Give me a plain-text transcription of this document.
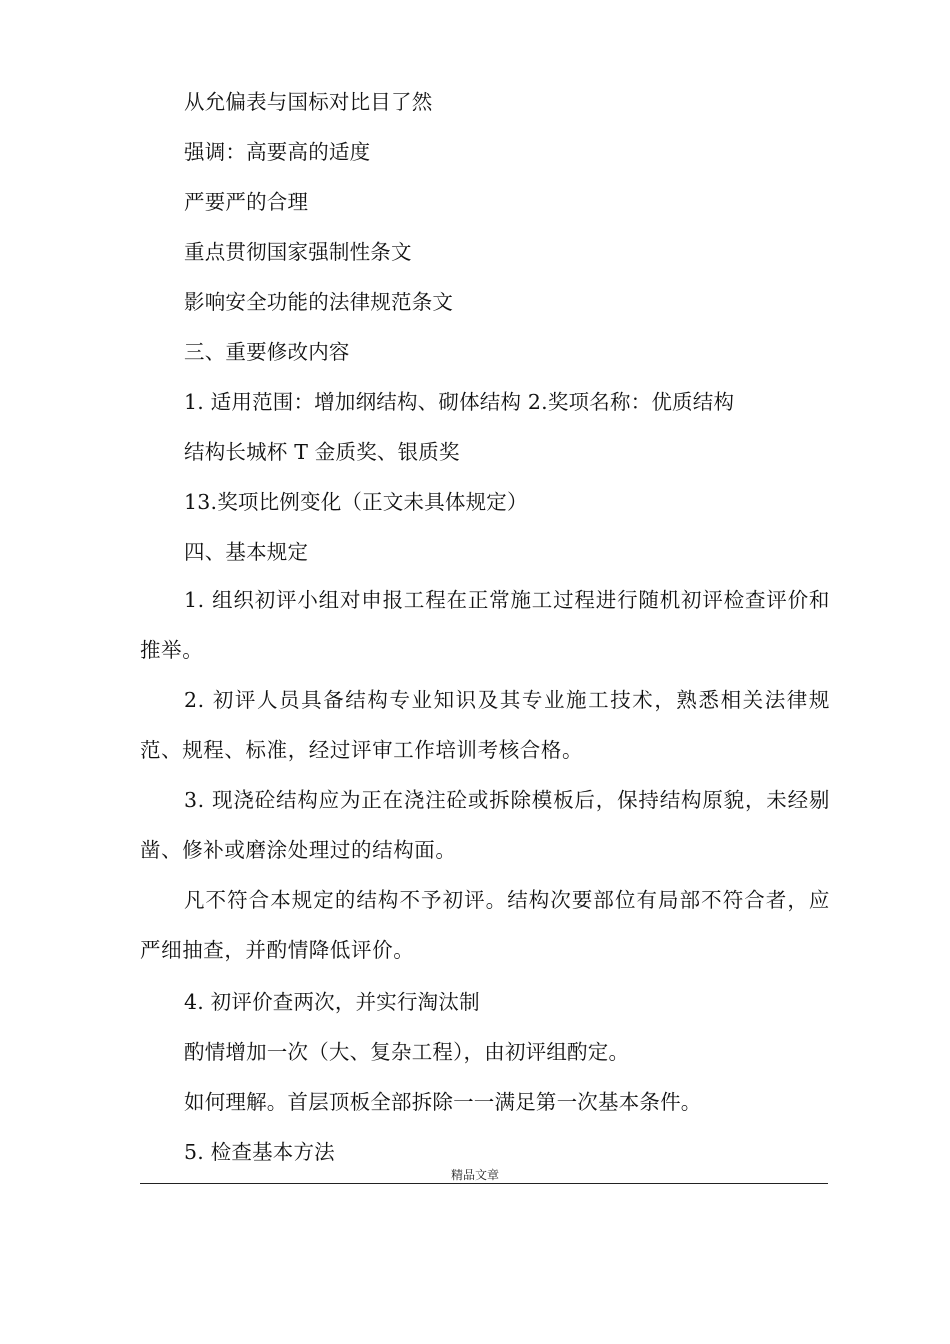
从允偏表与国标对比目了然
强调：高要高的适度
严要严的合理
重点贯彻国家强制性条文
影响安全功能的法律规范条文
三、重要修改内容
1. 适用范围：增加纲结构、砌体结构 2.奖项名称：优质结构
结构长城杯 T 金质奖、银质奖
13.奖项比例变化（正文未具体规定）
四、基本规定

1. 组织初评小组对申报工程在正常施工过程进行随机初评检查评价和推举。

2. 初评人员具备结构专业知识及其专业施工技术，熟悉相关法律规范、规程、标准，经过评审工作培训考核合格。

3. 现浇砼结构应为正在浇注砼或拆除模板后，保持结构原貌，未经剔凿、修补或磨涂处理过的结构面。

凡不符合本规定的结构不予初评。结构次要部位有局部不符合者，应严细抽查，并酌情降低评价。

4. 初评价查两次，并实行淘汰制
酌情增加一次（大、复杂工程），由初评组酌定。
如何理解。首层顶板全部拆除一一满足第一次基本条件。
5. 检查基本方法
精品文章
